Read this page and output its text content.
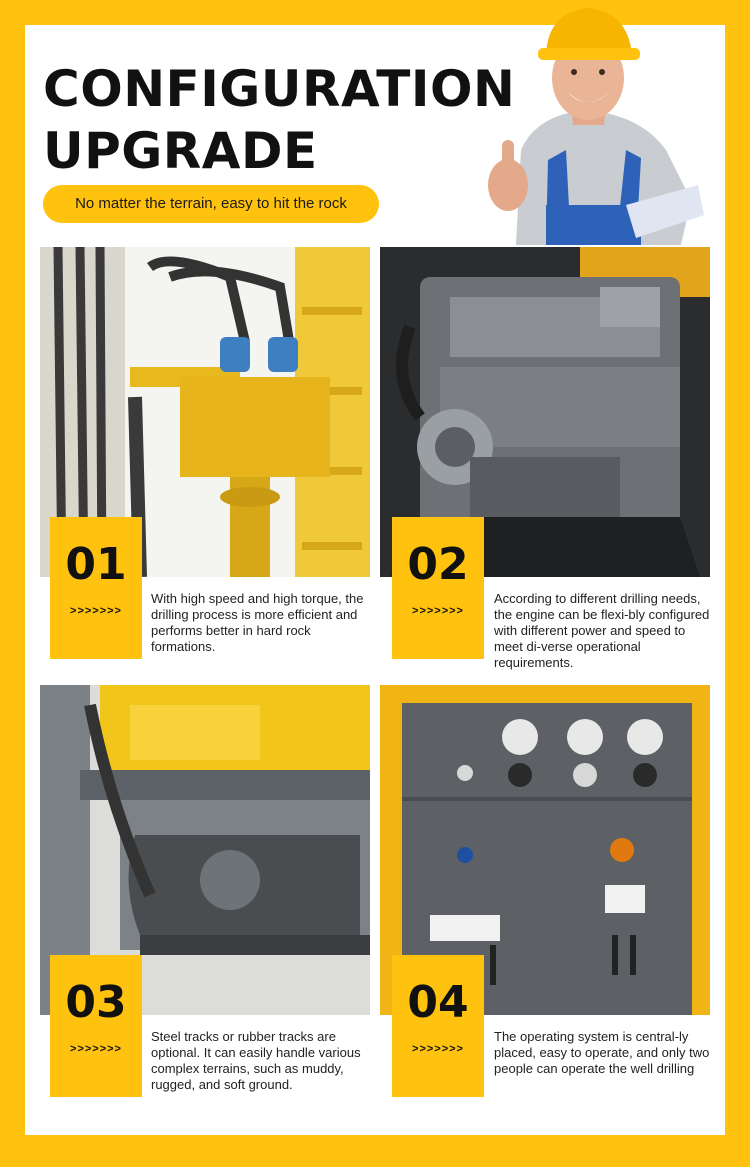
CONFIGURATION
UPGRADE
No matter the terrain, easy to hit the rock
01
>>>>>>>
02
>>>>>>>
03
>>>>>>>
04
>>>>>>>

With high speed and high torque, the drilling process is more efficient and performs better in hard rock formations.

According to different drilling needs, the engine can be flexi-bly configured with different power and speed to meet di-verse operational requirements.

Steel tracks or rubber tracks are optional. It can easily handle various complex terrains, such as muddy, rugged, and soft ground.

The operating system is central-ly placed, easy to operate, and only two people can operate the well drilling
